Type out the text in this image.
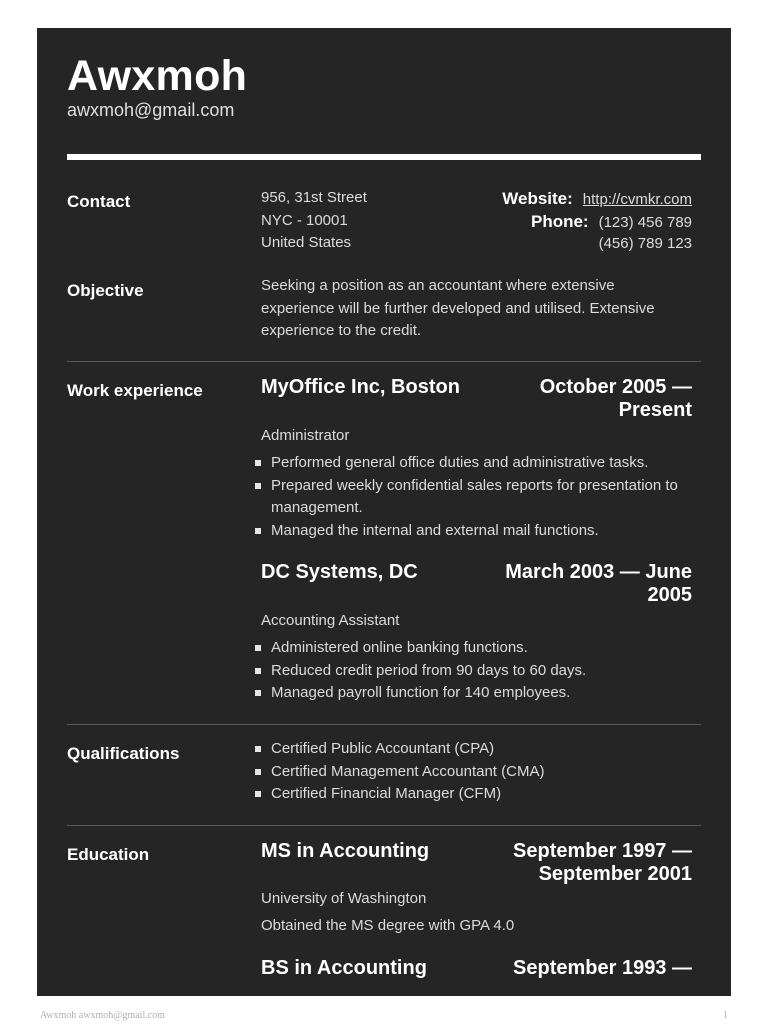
Awxmoh
awxmoh@gmail.com
Contact	956, 31st Street
NYC - 10001
United States
Website: http://cvmkr.com
Phone: (123) 456 789
(456) 789 123
Objective	Seeking a position as an accountant where extensive
experience will be further developed and utilised. Extensive
experience to the credit.
Work experience	MyOffice Inc, Boston	October 2005 —
Present
Administrator
Performed general office duties and administrative tasks.
Prepared weekly confidential sales reports for presentation to management.
Managed the internal and external mail functions.
DC Systems, DC	March 2003 — June
2005
Accounting Assistant
Administered online banking functions.
Reduced credit period from 90 days to 60 days.
Managed payroll function for 140 employees.
Qualifications	Certified Public Accountant (CPA)
Certified Management Accountant (CMA)
Certified Financial Manager (CFM)
Education	MS in Accounting	September 1997 —
September 2001
University of Washington
Obtained the MS degree with GPA 4.0
BS in Accounting	September 1993 —
Awxmoh awxmoh@gmail.com	1
